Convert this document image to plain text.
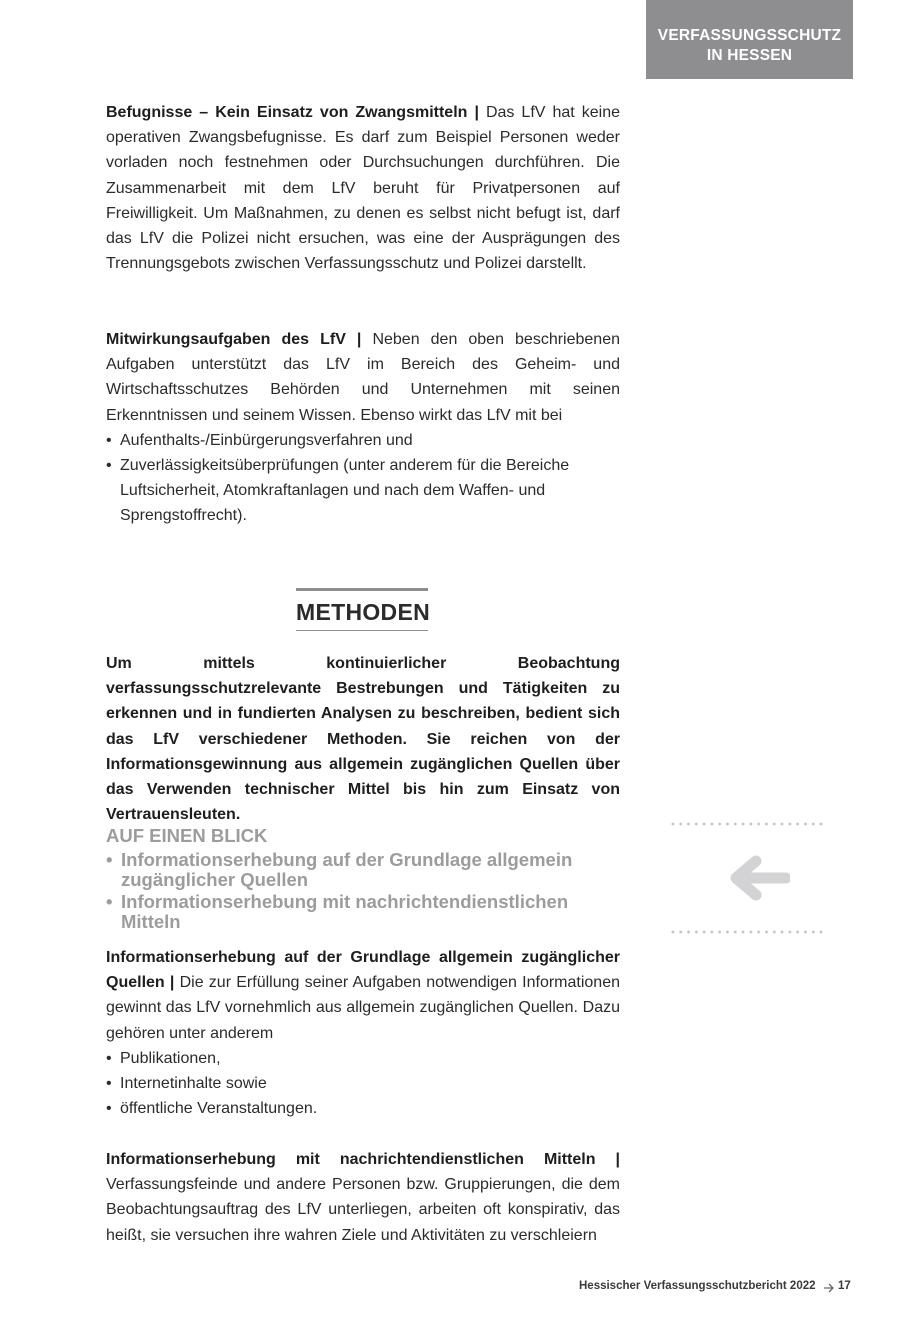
VERFASSUNGSSCHUTZ
IN HESSEN

Befugnisse – Kein Einsatz von Zwangsmitteln | Das LfV hat keine operativen Zwangsbefugnisse. Es darf zum Beispiel Personen weder vorladen noch festnehmen oder Durchsuchungen durchführen. Die Zusammenarbeit mit dem LfV beruht für Privatpersonen auf Freiwilligkeit. Um Maßnahmen, zu denen es selbst nicht befugt ist, darf das LfV die Polizei nicht ersuchen, was eine der Ausprägungen des Trennungsgebots zwischen Verfassungsschutz und Polizei darstellt.

Mitwirkungsaufgaben des LfV | Neben den oben beschriebenen Aufgaben unterstützt das LfV im Bereich des Geheim- und Wirtschaftsschutzes Behörden und Unternehmen mit seinen Erkenntnissen und seinem Wissen. Ebenso wirkt das LfV mit bei

• Aufenthalts-/Einbürgerungsverfahren und
• Zuverlässigkeitsüberprüfungen (unter anderem für die Bereiche Luftsicherheit, Atomkraftanlagen und nach dem Waffen- und Sprengstoffrecht).
METHODEN

Um mittels kontinuierlicher Beobachtung verfassungsschutzrelevante Bestrebungen und Tätigkeiten zu erkennen und in fundierten Analysen zu beschreiben, bedient sich das LfV verschiedener Methoden. Sie reichen von der Informationsgewinnung aus allgemein zugänglichen Quellen über das Verwenden technischer Mittel bis hin zum Einsatz von Vertrauensleuten.

AUF EINEN BLICK
• Informationserhebung auf der Grundlage allgemein zugänglicher Quellen
• Informationserhebung mit nachrichtendienstlichen Mitteln

Informationserhebung auf der Grundlage allgemein zugänglicher Quellen | Die zur Erfüllung seiner Aufgaben notwendigen Informationen gewinnt das LfV vornehmlich aus allgemein zugänglichen Quellen. Dazu gehören unter anderem

• Publikationen,
• Internetinhalte sowie
• öffentliche Veranstaltungen.

Informationserhebung mit nachrichtendienstlichen Mitteln | Verfassungsfeinde und andere Personen bzw. Gruppierungen, die dem Beobachtungsauftrag des LfV unterliegen, arbeiten oft konspirativ, das heißt, sie versuchen ihre wahren Ziele und Aktivitäten zu verschleiern

Hessischer Verfassungsschutzbericht 2022 17
